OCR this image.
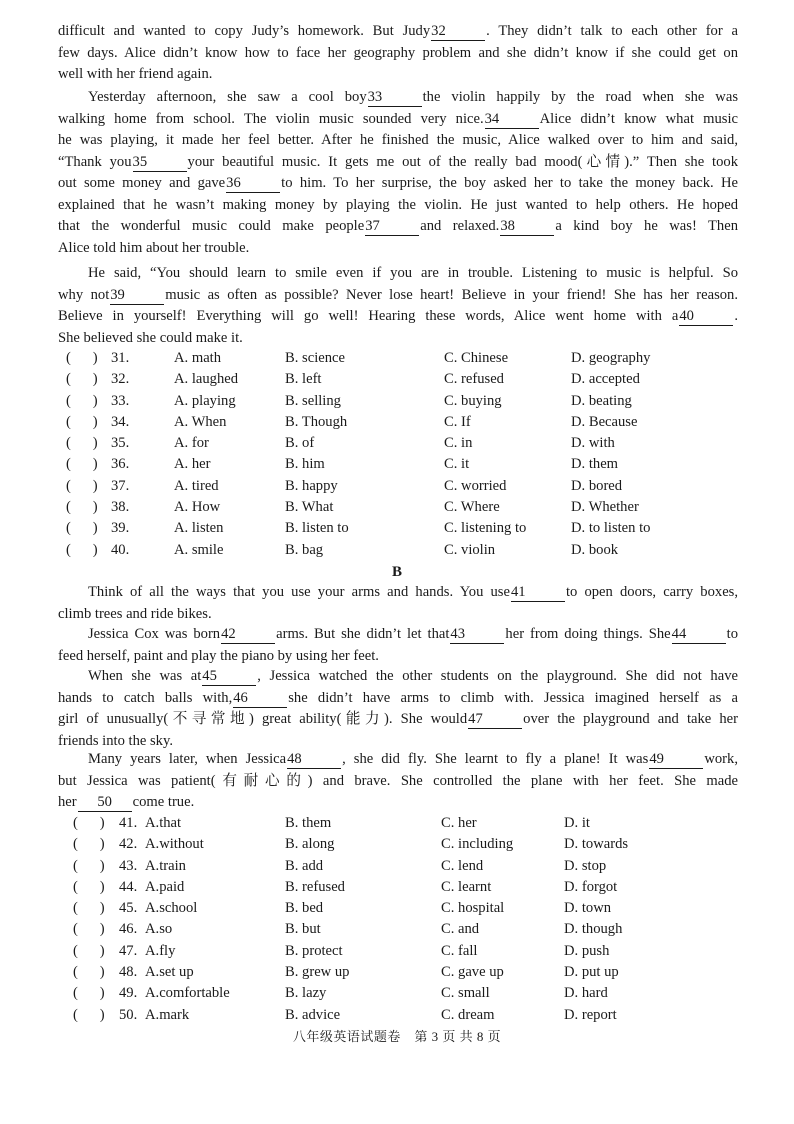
difficult and wanted to copy Judy’s homework. But Judy32	. They didn’t talk to each other for a
few days. Alice didn’t know how to face her geography problem and she didn’t know if she could get on
well with her friend again.
Yesterday afternoon, she saw a cool boy33	the violin happily by the road when she was
walking home from school. The violin music sounded very nice.34	Alice didn’t know what music
he was playing, it made her feel better. After he finished the music, Alice walked over to him and said,
“Thank you35	your beautiful music. It gets me out of the really bad mood(心情).” Then she took
out some money and gave36	to him. To her surprise, the boy asked her to take the money back. He
explained that he wasn’t making money by playing the violin. He just wanted to help others. He hoped
that the wonderful music could make people37	and relaxed.38	a kind boy he was! Then
Alice told him about her trouble.
He said, “You should learn to smile even if you are in trouble. Listening to music is helpful. So
why not39	music as often as possible? Never lose heart! Believe in your friend! She has her reason.
Believe in yourself! Everything will go well! Hearing these words, Alice went home with a40	.
She believed she could make it.
(  ) 31.	A. math	B. science	C. Chinese	D. geography
(  ) 32.	A. laughed	B. left	C. refused	D. accepted
(  ) 33.	A. playing	B. selling	C. buying	D. beating
(  ) 34.	A. When	B. Though	C. If	D. Because
(  ) 35.	A. for	B. of	C. in	D. with
(  ) 36.	A. her	B. him	C. it	D. them
(  ) 37.	A. tired	B. happy	C. worried	D. bored
(  ) 38.	A. How	B. What	C. Where	D. Whether
(  ) 39.	A. listen	B. listen to	C. listening to	D. to listen to
(  ) 40.	A. smile	B. bag	C. violin	D. book
B
Think of all the ways that you use your arms and hands. You use41	to open doors, carry boxes,
climb trees and ride bikes.
Jessica Cox was born42	arms. But she didn’t let that43	her from doing things. She44	to
feed herself, paint and play the piano by using her feet.
When she was at45	, Jessica watched the other students on the playground. She did not have
hands to catch balls with,46	she didn’t have arms to climb with. Jessica imagined herself as a
girl of unusually(不寻常地) great ability(能力). She would47	over the playground and take her
friends into the sky.
Many years later, when Jessica48	, she did fly. She learnt to fly a plane! It was49	work,
but Jessica was patient(有耐心的) and brave. She controlled the plane with her feet. She made
her 50 come true.
(  ) 41. A.that	B. them	C. her	D. it
(  ) 42. A.without	B. along	C. including	D. towards
(  ) 43. A.train	B. add	C. lend	D. stop
(  ) 44. A.paid	B. refused	C. learnt	D. forgot
(  ) 45. A.school	B. bed	C. hospital	D. town
(  ) 46. A.so	B. but	C. and	D. though
(  ) 47. A.fly	B. protect	C. fall	D. push
(  ) 48. A.set up	B. grew up	C. gave up	D. put up
(  ) 49. A.comfortable	B. lazy	C. small	D. hard
(  ) 50. A.mark	B. advice	C. dream	D. report
八年级英语试题卷　第 3 页 共 8 页
